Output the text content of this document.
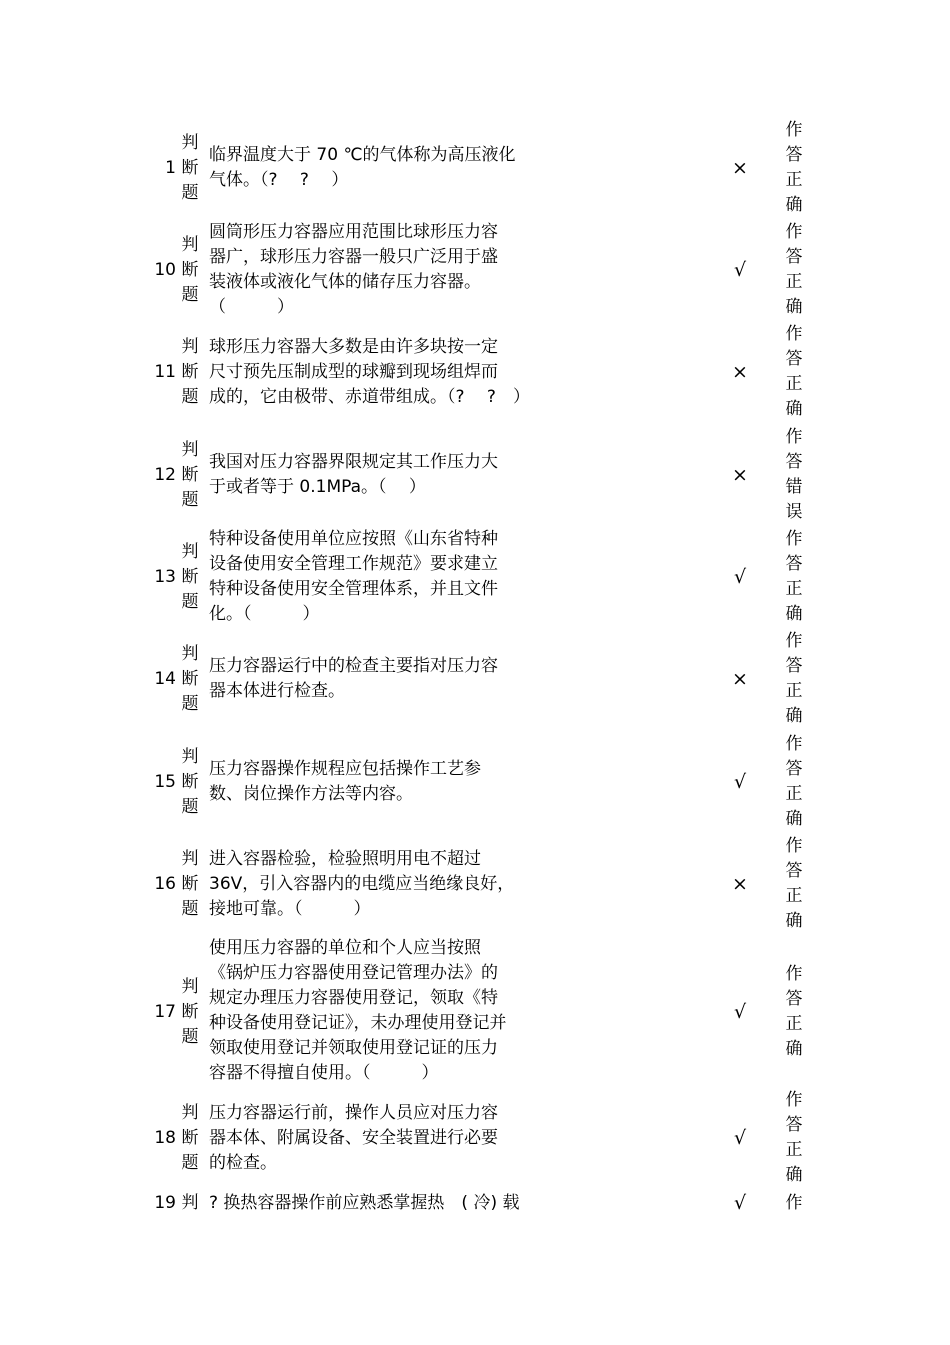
1
判
断
题
临界温度大于 70 ℃的气体称为高压液化
气体。（?　 ?　 ）
×
作
答
正
确
10
判
断
题
圆筒形压力容器应用范围比球形压力容
器广，球形压力容器一般只广泛用于盛
装液体或液化气体的储存压力容器。
（　　　）
√
作
答
正
确
11
判
断
题
球形压力容器大多数是由许多块按一定
尺寸预先压制成型的球瓣到现场组焊而
成的，它由极带、赤道带组成。（?　 ?　）
×
作
答
正
确
12
判
断
题
我国对压力容器界限规定其工作压力大
于或者等于 0.1MPa。（　 ）
×
作
答
错
误
13
判
断
题
特种设备使用单位应按照《山东省特种
设备使用安全管理工作规范》要求建立
特种设备使用安全管理体系，并且文件
化。（　　　）
√
作
答
正
确
14
判
断
题
压力容器运行中的检查主要指对压力容
器本体进行检查。
×
作
答
正
确
15
判
断
题
压力容器操作规程应包括操作工艺参
数、岗位操作方法等内容。
√
作
答
正
确
16
判
断
题
进入容器检验，检验照明用电不超过
36V，引入容器内的电缆应当绝缘良好，
接地可靠。（　　　）
×
作
答
正
确
17
判
断
题
使用压力容器的单位和个人应当按照
《锅炉压力容器使用登记管理办法》的
规定办理压力容器使用登记，领取《特
种设备使用登记证》，未办理使用登记并
领取使用登记并领取使用登记证的压力
容器不得擅自使用。（　　　）
√
作
答
正
确
18
判
断
题
压力容器运行前，操作人员应对压力容
器本体、附属设备、安全装置进行必要
的检查。
√
作
答
正
确
19 判 ? 换热容器操作前应熟悉掌握热　( 冷) 载	√	作
